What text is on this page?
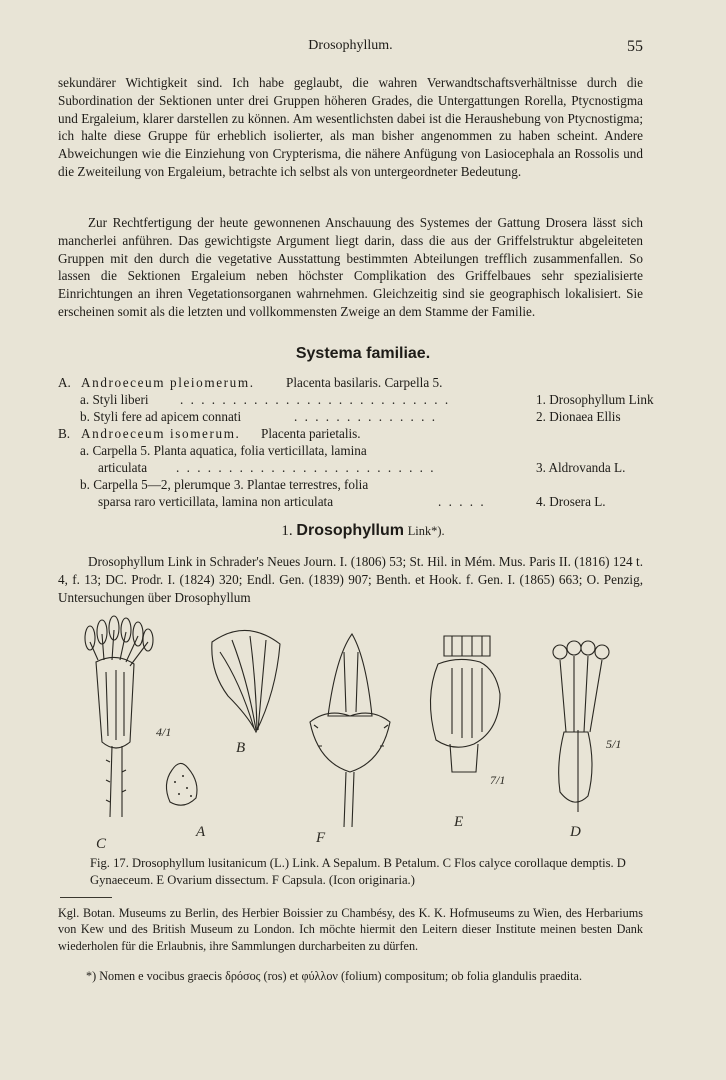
Drosophyllum.	55

sekundärer Wichtigkeit sind. Ich habe geglaubt, die wahren Verwandtschaftsverhältnisse durch die Subordination der Sektionen unter drei Gruppen höheren Grades, die Untergattungen Rorella, Ptycnostigma und Ergaleium, klarer darstellen zu können. Am wesentlichsten dabei ist die Heraushebung von Ptycnostigma; ich halte diese Gruppe für erheblich isolierter, als man bisher angenommen zu haben scheint. Andere Abweichungen wie die Einziehung von Crypterisma, die nähere Anfügung von Lasiocephala an Rossolis und die Zweiteilung von Ergaleium, betrachte ich selbst als von untergeordneter Bedeutung.

Zur Rechtfertigung der heute gewonnenen Anschauung des Systemes der Gattung Drosera lässt sich mancherlei anführen. Das gewichtigste Argument liegt darin, dass die aus der Griffelstruktur abgeleiteten Gruppen mit den durch die vegetative Ausstattung bestimmten Abteilungen trefflich zusammenfallen. So lassen die Sektionen Ergaleium neben höchster Complikation des Griffelbaues sehr spezialisierte Einrichtungen an ihren Vegetationsorganen wahrnehmen. Gleichzeitig sind sie geographisch lokalisiert. Sie erscheinen somit als die letzten und vollkommensten Zweige an dem Stamme der Familie.

Systema familiae.
A. Androeceum pleiomerum. Placenta basilaris. Carpella 5.
a. Styli liberi . . . . . . . . . . . . . . . . . . . . . . . . . .	1. Drosophyllum Link
b. Styli fere ad apicem connati	. . . . . . . . . . . . . .	2. Dionaea Ellis
B. Androeceum isomerum. Placenta parietalis.
a. Carpella 5. Planta aquatica, folia verticillata, lamina
articulata . . . . . . . . . . . . . . . . . . . . . . . . .	3. Aldrovanda L.
b. Carpella 5—2, plerumque 3. Plantae terrestres, folia
sparsa raro verticillata, lamina non articulata	. . . . .	4. Drosera L.
1. Drosophyllum Link*).

Drosophyllum Link in Schrader's Neues Journ. I. (1806) 53; St. Hil. in Mém. Mus. Paris II. (1816) 124 t. 4, f. 13; DC. Prodr. I. (1824) 320; Endl. Gen. (1839) 907; Benth. et Hook. f. Gen. I. (1865) 663; O. Penzig, Untersuchungen über Drosophyllum

C
A
B
F
E
D
4/1
7/1
5/1
Fig. 17. Drosophyllum lusitanicum (L.) Link. A Sepalum. B Petalum. C Flos calyce corollaque demptis. D Gynaeceum. E Ovarium dissectum. F Capsula. (Icon originaria.)

Kgl. Botan. Museums zu Berlin, des Herbier Boissier zu Chambésy, des K. K. Hofmuseums zu Wien, des Herbariums von Kew und des British Museum zu London. Ich möchte hiermit den Leitern dieser Institute meinen besten Dank wiederholen für die Erlaubnis, ihre Sammlungen durcharbeiten zu dürfen.

*) Nomen e vocibus graecis δρόσος (ros) et φύλλον (folium) compositum; ob folia glandulis praedita.
